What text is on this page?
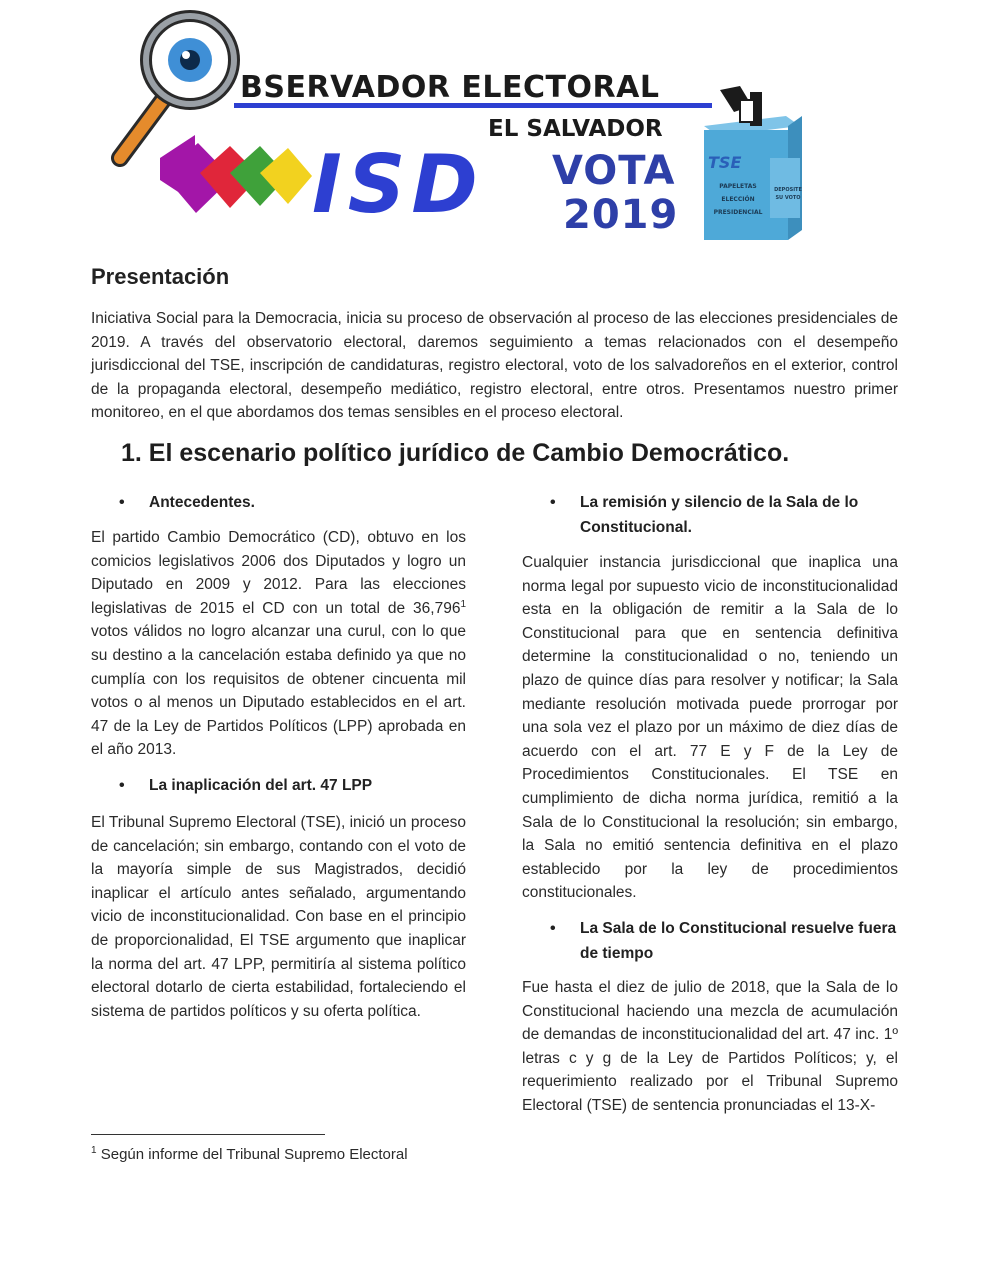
BSERVADOR ELECTORAL
EL SALVADOR
ISD VOTA
2019
TSE
PAPELETAS
ELECCIÓN
PRESIDENCIAL
DEPOSITE SU VOTO
Presentación

Iniciativa Social para la Democracia, inicia su proceso de observación al proceso de las elecciones presidenciales de 2019. A través del observatorio electoral, daremos seguimiento a temas relacionados con el desempeño jurisdiccional del TSE, inscripción de candidaturas, registro electoral, voto de los salvadoreños en el exterior, control de la propaganda electoral, desempeño mediático, registro electoral, entre otros. Presentamos nuestro primer monitoreo, en el que abordamos dos temas sensibles en el proceso electoral.

1. El escenario político jurídico de Cambio Democrático.
• Antecedentes.

El partido Cambio Democrático (CD), obtuvo en los comicios legislativos 2006 dos Diputados y logro un Diputado en 2009 y 2012. Para las elecciones legislativas de 2015 el CD con un total de 36,796$^1$ votos válidos no logro alcanzar una curul, con lo que su destino a la cancelación estaba definido ya que no cumplía con los requisitos de obtener cincuenta mil votos o al menos un Diputado establecidos en el art. 47 de la Ley de Partidos Políticos (LPP) aprobada en el año 2013.

• La inaplicación del art. 47 LPP

El Tribunal Supremo Electoral (TSE), inició un proceso de cancelación; sin embargo, contando con el voto de la mayoría simple de sus Magistrados, decidió inaplicar el artículo antes señalado, argumentando vicio de inconstitucionalidad. Con base en el principio de proporcionalidad, El TSE argumento que inaplicar la norma del art. 47 LPP, permitiría al sistema político electoral dotarlo de cierta estabilidad, fortaleciendo el sistema de partidos políticos y su oferta política.

• La remisión y silencio de la Sala de lo Constitucional.

Cualquier instancia jurisdiccional que inaplica una norma legal por supuesto vicio de inconstitucionalidad esta en la obligación de remitir a la Sala de lo Constitucional para que en sentencia definitiva determine la constitucionalidad o no, teniendo un plazo de quince días para resolver y notificar; la Sala mediante resolución motivada puede prorrogar por una sola vez el plazo por un máximo de diez días de acuerdo con el art. 77 E y F de la Ley de Procedimientos Constitucionales. El TSE en cumplimiento de dicha norma jurídica, remitió a la Sala de lo Constitucional la resolución; sin embargo, la Sala no emitió sentencia definitiva en el plazo establecido por la ley de procedimientos constitucionales.

• La Sala de lo Constitucional resuelve fuera de tiempo

Fue hasta el diez de julio de 2018, que la Sala de lo Constitucional haciendo una mezcla de acumulación de demandas de inconstitucionalidad del art. 47 inc. 1º letras c y g de la Ley de Partidos Políticos; y, el requerimiento realizado por el Tribunal Supremo Electoral (TSE) de sentencia pronunciadas el 13-X-

$^1$ Según informe del Tribunal Supremo Electoral
